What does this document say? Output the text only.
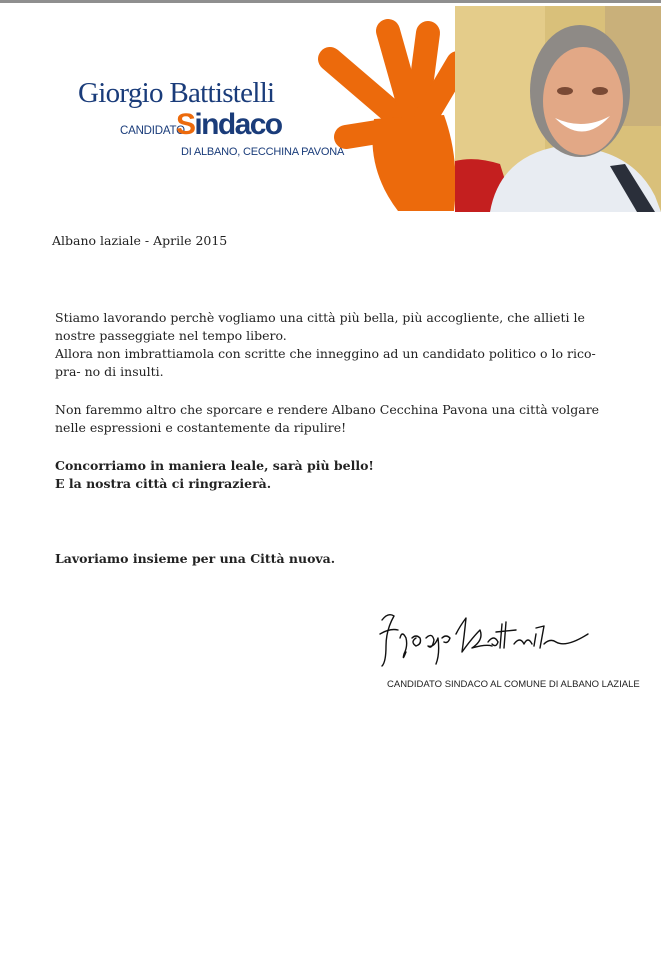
Giorgio Battistelli
CANDIDATO
Sindaco
DI ALBANO, CECCHINA PAVONA
Albano laziale - Aprile 2015

Stiamo lavorando perchè vogliamo una città più bella, più accogliente, che allieti le

nostre passeggiate nel tempo libero.

Allora non imbrattiamola con scritte che inneggino ad un candidato politico o lo rico-

pra- no di insulti.

Non faremmo altro che sporcare e rendere Albano Cecchina Pavona una città volgare

nelle espressioni e costantemente da ripulire!

Concorriamo in maniera leale, sarà più bello!

E la nostra città ci ringrazierà.

Lavoriamo insieme per una Città nuova.
CANDIDATO SINDACO AL COMUNE DI ALBANO LAZIALE
